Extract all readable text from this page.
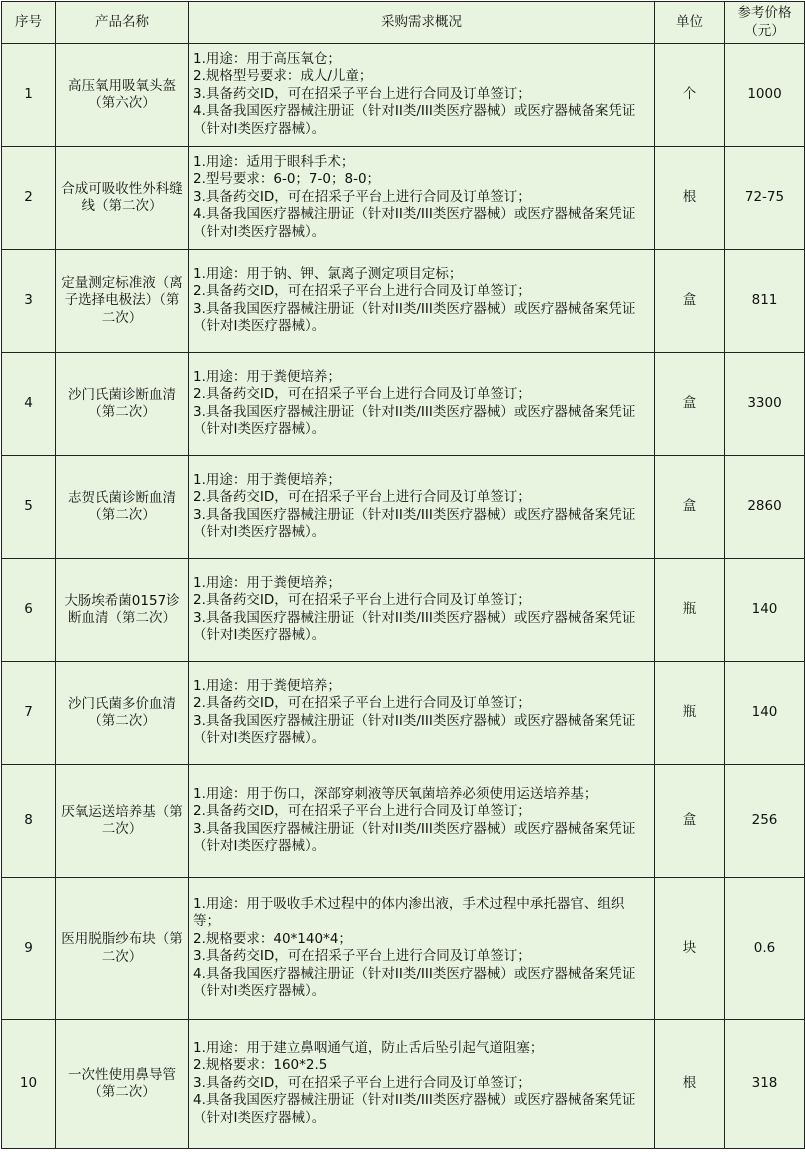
序号	产品名称	采购需求概况	单位	参考价格（元）
1	高压氧用吸氧头盔（第六次）	1.用途：用于高压氧仓；
2.规格型号要求：成人/儿童；
3.具备药交ID，可在招采子平台上进行合同及订单签订；
4.具备我国医疗器械注册证（针对II类/III类医疗器械）或医疗器械备案凭证（针对I类医疗器械）。	个	1000
2	合成可吸收性外科缝线（第二次）	1.用途：适用于眼科手术；
2.型号要求：6-0；7-0；8-0；
3.具备药交ID，可在招采子平台上进行合同及订单签订；
4.具备我国医疗器械注册证（针对II类/III类医疗器械）或医疗器械备案凭证（针对I类医疗器械）。	根	72-75
3	定量测定标准液（离子选择电极法）（第二次）	1.用途：用于钠、钾、氯离子测定项目定标；
2.具备药交ID，可在招采子平台上进行合同及订单签订；
3.具备我国医疗器械注册证（针对II类/III类医疗器械）或医疗器械备案凭证（针对I类医疗器械）。	盒	811
4	沙门氏菌诊断血清（第二次）	1.用途：用于粪便培养；
2.具备药交ID，可在招采子平台上进行合同及订单签订；
3.具备我国医疗器械注册证（针对II类/III类医疗器械）或医疗器械备案凭证（针对I类医疗器械）。	盒	3300
5	志贺氏菌诊断血清（第二次）	1.用途：用于粪便培养；
2.具备药交ID，可在招采子平台上进行合同及订单签订；
3.具备我国医疗器械注册证（针对II类/III类医疗器械）或医疗器械备案凭证（针对I类医疗器械）。	盒	2860
6	大肠埃希菌0157诊断血清（第二次）	1.用途：用于粪便培养；
2.具备药交ID，可在招采子平台上进行合同及订单签订；
3.具备我国医疗器械注册证（针对II类/III类医疗器械）或医疗器械备案凭证（针对I类医疗器械）。	瓶	140
7	沙门氏菌多价血清（第二次）	1.用途：用于粪便培养；
2.具备药交ID，可在招采子平台上进行合同及订单签订；
3.具备我国医疗器械注册证（针对II类/III类医疗器械）或医疗器械备案凭证（针对I类医疗器械）。	瓶	140
8	厌氧运送培养基（第二次）	1.用途：用于伤口，深部穿刺液等厌氧菌培养必须使用运送培养基；
2.具备药交ID，可在招采子平台上进行合同及订单签订；
3.具备我国医疗器械注册证（针对II类/III类医疗器械）或医疗器械备案凭证（针对I类医疗器械）。	盒	256
9	医用脱脂纱布块（第二次）	1.用途：用于吸收手术过程中的体内渗出液，手术过程中承托器官、组织等；
2.规格要求：40*140*4；
3.具备药交ID，可在招采子平台上进行合同及订单签订；
4.具备我国医疗器械注册证（针对II类/III类医疗器械）或医疗器械备案凭证（针对I类医疗器械）。	块	0.6
10	一次性使用鼻导管（第二次）	1.用途：用于建立鼻咽通气道，防止舌后坠引起气道阻塞；
2.规格要求：160*2.5
3.具备药交ID，可在招采子平台上进行合同及订单签订；
4.具备我国医疗器械注册证（针对II类/III类医疗器械）或医疗器械备案凭证（针对I类医疗器械）。	根	318
